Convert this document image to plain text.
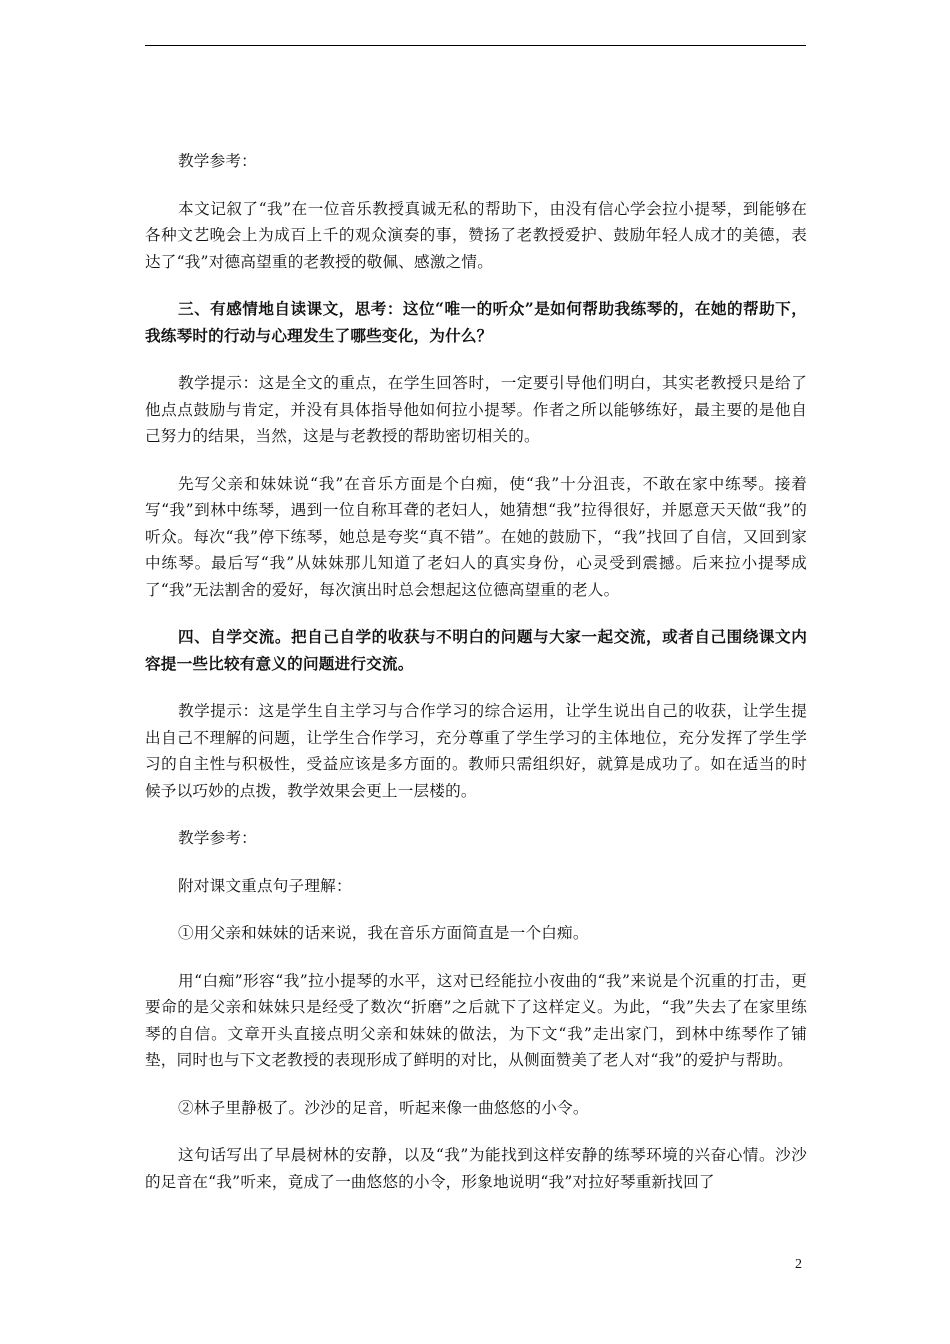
教学参考：

本文记叙了“我”在一位音乐教授真诚无私的帮助下，由没有信心学会拉小提琴，到能够在各种文艺晚会上为成百上千的观众演奏的事，赞扬了老教授爱护、鼓励年轻人成才的美德，表达了“我”对德高望重的老教授的敬佩、感激之情。

三、有感情地自读课文，思考：这位“唯一的听众”是如何帮助我练琴的，在她的帮助下，我练琴时的行动与心理发生了哪些变化，为什么？

教学提示：这是全文的重点，在学生回答时，一定要引导他们明白，其实老教授只是给了他点点鼓励与肯定，并没有具体指导他如何拉小提琴。作者之所以能够练好，最主要的是他自己努力的结果，当然，这是与老教授的帮助密切相关的。

先写父亲和妹妹说“我”在音乐方面是个白痴，使“我”十分沮丧，不敢在家中练琴。接着写“我”到林中练琴，遇到一位自称耳聋的老妇人，她猜想“我”拉得很好，并愿意天天做“我”的听众。每次“我”停下练琴，她总是夸奖“真不错”。在她的鼓励下，“我”找回了自信，又回到家中练琴。最后写“我”从妹妹那儿知道了老妇人的真实身份，心灵受到震撼。后来拉小提琴成了“我”无法割舍的爱好，每次演出时总会想起这位德高望重的老人。

四、自学交流。把自己自学的收获与不明白的问题与大家一起交流，或者自己围绕课文内容提一些比较有意义的问题进行交流。

教学提示：这是学生自主学习与合作学习的综合运用，让学生说出自己的收获，让学生提出自己不理解的问题，让学生合作学习，充分尊重了学生学习的主体地位，充分发挥了学生学习的自主性与积极性，受益应该是多方面的。教师只需组织好，就算是成功了。如在适当的时候予以巧妙的点拨，教学效果会更上一层楼的。

教学参考：

附对课文重点句子理解：

①用父亲和妹妹的话来说，我在音乐方面简直是一个白痴。

用“白痴”形容“我”拉小提琴的水平，这对已经能拉小夜曲的“我”来说是个沉重的打击，更要命的是父亲和妹妹只是经受了数次“折磨”之后就下了这样定义。为此，“我”失去了在家里练琴的自信。文章开头直接点明父亲和妹妹的做法，为下文“我”走出家门，到林中练琴作了铺垫，同时也与下文老教授的表现形成了鲜明的对比，从侧面赞美了老人对“我”的爱护与帮助。

②林子里静极了。沙沙的足音，听起来像一曲悠悠的小令。

这句话写出了早晨树林的安静，以及“我”为能找到这样安静的练琴环境的兴奋心情。沙沙的足音在“我”听来，竟成了一曲悠悠的小令，形象地说明“我”对拉好琴重新找回了

2
